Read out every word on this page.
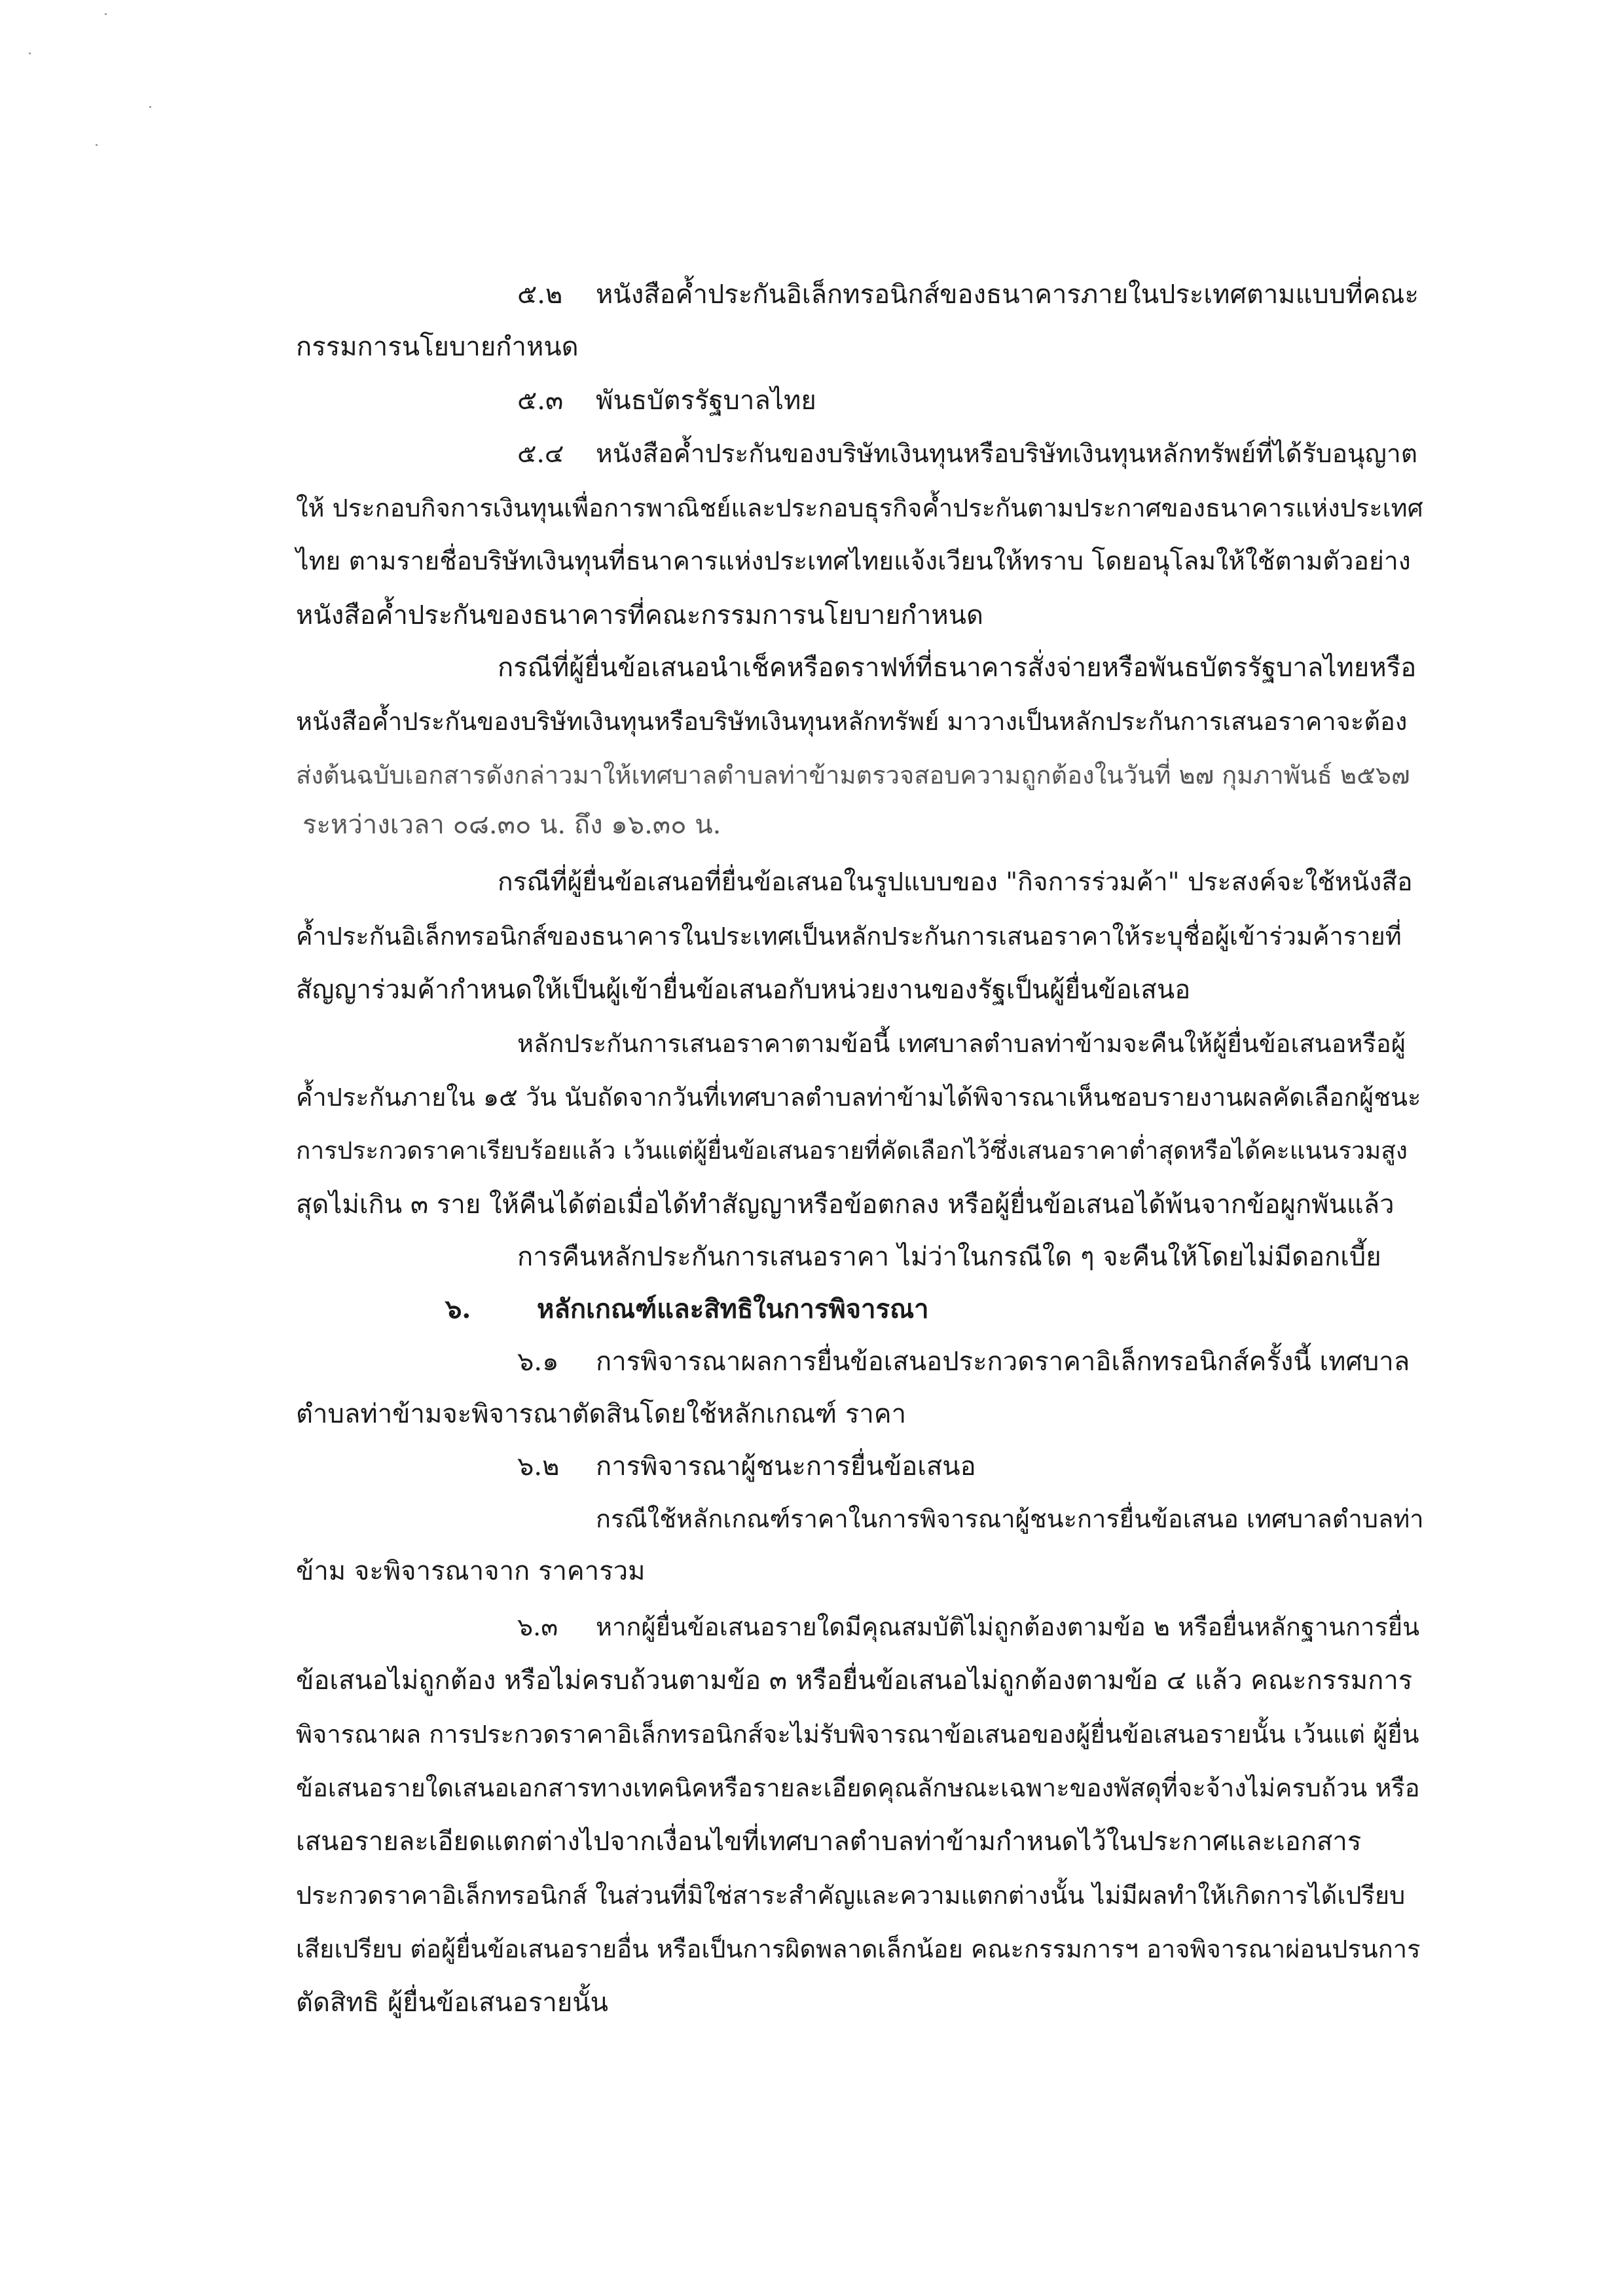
๕.๒ หนังสือค้ำประกันอิเล็กทรอนิกส์ของธนาคารภายในประเทศตามแบบที่คณะ
กรรมการนโยบายกำหนด
๕.๓ พันธบัตรรัฐบาลไทย
๕.๔ หนังสือค้ำประกันของบริษัทเงินทุนหรือบริษัทเงินทุนหลักทรัพย์ที่ได้รับอนุญาต
ให้ ประกอบกิจการเงินทุนเพื่อการพาณิชย์และประกอบธุรกิจค้ำประกันตามประกาศของธนาคารแห่งประเทศ
ไทย ตามรายชื่อบริษัทเงินทุนที่ธนาคารแห่งประเทศไทยแจ้งเวียนให้ทราบ โดยอนุโลมให้ใช้ตามตัวอย่าง
หนังสือค้ำประกันของธนาคารที่คณะกรรมการนโยบายกำหนด
กรณีที่ผู้ยื่นข้อเสนอนำเช็คหรือดราฟท์ที่ธนาคารสั่งจ่ายหรือพันธบัตรรัฐบาลไทยหรือ
หนังสือค้ำประกันของบริษัทเงินทุนหรือบริษัทเงินทุนหลักทรัพย์ มาวางเป็นหลักประกันการเสนอราคาจะต้อง
ส่งต้นฉบับเอกสารดังกล่าวมาให้เทศบาลตำบลท่าข้ามตรวจสอบความถูกต้องในวันที่ ๒๗ กุมภาพันธ์ ๒๕๖๗
ระหว่างเวลา ๐๘.๓๐ น. ถึง ๑๖.๓๐ น.
กรณีที่ผู้ยื่นข้อเสนอที่ยื่นข้อเสนอในรูปแบบของ "กิจการร่วมค้า" ประสงค์จะใช้หนังสือ
ค้ำประกันอิเล็กทรอนิกส์ของธนาคารในประเทศเป็นหลักประกันการเสนอราคาให้ระบุชื่อผู้เข้าร่วมค้ารายที่
สัญญาร่วมค้ากำหนดให้เป็นผู้เข้ายื่นข้อเสนอกับหน่วยงานของรัฐเป็นผู้ยื่นข้อเสนอ
หลักประกันการเสนอราคาตามข้อนี้ เทศบาลตำบลท่าข้ามจะคืนให้ผู้ยื่นข้อเสนอหรือผู้
ค้ำประกันภายใน ๑๕ วัน นับถัดจากวันที่เทศบาลตำบลท่าข้ามได้พิจารณาเห็นชอบรายงานผลคัดเลือกผู้ชนะ
การประกวดราคาเรียบร้อยแล้ว เว้นแต่ผู้ยื่นข้อเสนอรายที่คัดเลือกไว้ซึ่งเสนอราคาต่ำสุดหรือได้คะแนนรวมสูง
สุดไม่เกิน ๓ ราย ให้คืนได้ต่อเมื่อได้ทำสัญญาหรือข้อตกลง หรือผู้ยื่นข้อเสนอได้พ้นจากข้อผูกพันแล้ว
การคืนหลักประกันการเสนอราคา ไม่ว่าในกรณีใด ๆ จะคืนให้โดยไม่มีดอกเบี้ย
๖.	หลักเกณฑ์และสิทธิในการพิจารณา
๖.๑ การพิจารณาผลการยื่นข้อเสนอประกวดราคาอิเล็กทรอนิกส์ครั้งนี้ เทศบาล
ตำบลท่าข้ามจะพิจารณาตัดสินโดยใช้หลักเกณฑ์ ราคา
๖.๒ การพิจารณาผู้ชนะการยื่นข้อเสนอ
กรณีใช้หลักเกณฑ์ราคาในการพิจารณาผู้ชนะการยื่นข้อเสนอ เทศบาลตำบลท่า
ข้าม จะพิจารณาจาก ราคารวม
๖.๓ หากผู้ยื่นข้อเสนอรายใดมีคุณสมบัติไม่ถูกต้องตามข้อ ๒ หรือยื่นหลักฐานการยื่น
ข้อเสนอไม่ถูกต้อง หรือไม่ครบถ้วนตามข้อ ๓ หรือยื่นข้อเสนอไม่ถูกต้องตามข้อ ๔ แล้ว คณะกรรมการ
พิจารณาผล การประกวดราคาอิเล็กทรอนิกส์จะไม่รับพิจารณาข้อเสนอของผู้ยื่นข้อเสนอรายนั้น เว้นแต่ ผู้ยื่น
ข้อเสนอรายใดเสนอเอกสารทางเทคนิคหรือรายละเอียดคุณลักษณะเฉพาะของพัสดุที่จะจ้างไม่ครบถ้วน หรือ
เสนอรายละเอียดแตกต่างไปจากเงื่อนไขที่เทศบาลตำบลท่าข้ามกำหนดไว้ในประกาศและเอกสาร
ประกวดราคาอิเล็กทรอนิกส์ ในส่วนที่มิใช่สาระสำคัญและความแตกต่างนั้น ไม่มีผลทำให้เกิดการได้เปรียบ
เสียเปรียบ ต่อผู้ยื่นข้อเสนอรายอื่น หรือเป็นการผิดพลาดเล็กน้อย คณะกรรมการฯ อาจพิจารณาผ่อนปรนการ
ตัดสิทธิ ผู้ยื่นข้อเสนอรายนั้น
